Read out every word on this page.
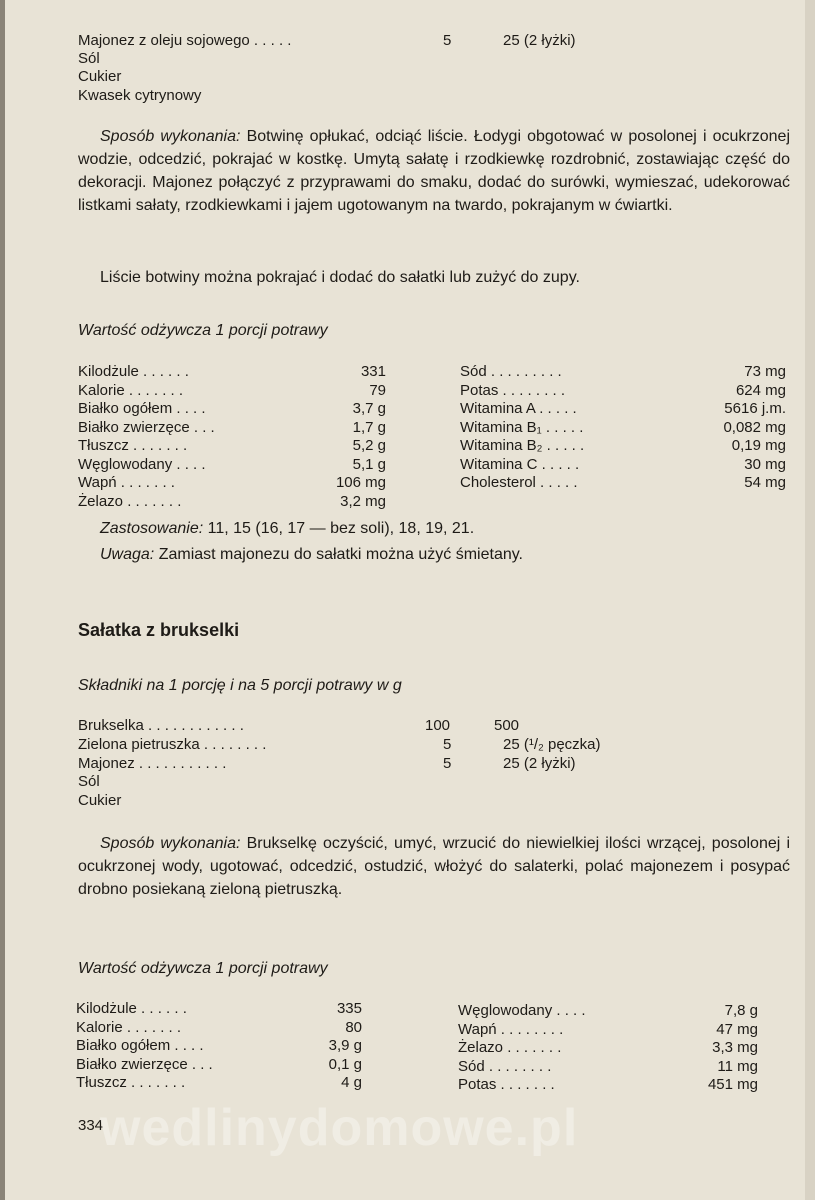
Majonez z oleju sojowego . . . . .	5	25 (2 łyżki)
Sól
Cukier
Kwasek cytrynowy

Sposób wykonania: Botwinę opłukać, odciąć liście. Łodygi obgotować w posolonej i ocukrzonej wodzie, odcedzić, pokrajać w kostkę. Umytą sałatę i rzodkiewkę rozdrobnić, zostawiając część do dekoracji. Majonez połączyć z przyprawami do smaku, dodać do surówki, wymieszać, udekorować listkami sałaty, rzodkiewkami i jajem ugotowanym na twardo, pokrajanym w ćwiartki.

Liście botwiny można pokrajać i dodać do sałatki lub zużyć do zupy.

Wartość odżywcza 1 porcji potrawy
Kilodżule . . . . . .	331
Kalorie . . . . . . .	79
Białko ogółem . . . .	3,7 g
Białko zwierzęce . . .	1,7 g
Tłuszcz . . . . . . .	5,2 g
Węglowodany . . . .	5,1 g
Wapń . . . . . . .	106 mg
Żelazo . . . . . . .	3,2 mg
Sód . . . . . . . . .	73 mg
Potas . . . . . . . .	624 mg
Witamina A . . . . .	5616 j.m.
Witamina B₁ . . . . .	0,082 mg
Witamina B₂ . . . . .	0,19 mg
Witamina C . . . . .	30 mg
Cholesterol . . . . .	54 mg
Zastosowanie: 11, 15 (16, 17 — bez soli), 18, 19, 21.
Uwaga: Zamiast majonezu do sałatki można użyć śmietany.
Sałatka z brukselki
Składniki na 1 porcję i na 5 porcji potrawy w g
Brukselka . . . . . . . . . . . .	100	500
Zielona pietruszka . . . . . . . .	5	25 (¹/₂ pęczka)
Majonez . . . . . . . . . . .	5	25 (2 łyżki)
Sól
Cukier

Sposób wykonania: Brukselkę oczyścić, umyć, wrzucić do niewielkiej ilości wrzącej, posolonej i ocukrzonej wody, ugotować, odcedzić, ostudzić, włożyć do salaterki, polać majonezem i posypać drobno posiekaną zieloną pietruszką.

Wartość odżywcza 1 porcji potrawy
Kilodżule . . . . . .	335
Kalorie . . . . . . .	80
Białko ogółem . . . .	3,9 g
Białko zwierzęce . . .	0,1 g
Tłuszcz . . . . . . .	4 g
Węglowodany . . . .	7,8 g
Wapń . . . . . . . .	47 mg
Żelazo . . . . . . .	3,3 mg
Sód . . . . . . . .	11 mg
Potas . . . . . . .	451 mg
334
wedlinydomowe.pl
